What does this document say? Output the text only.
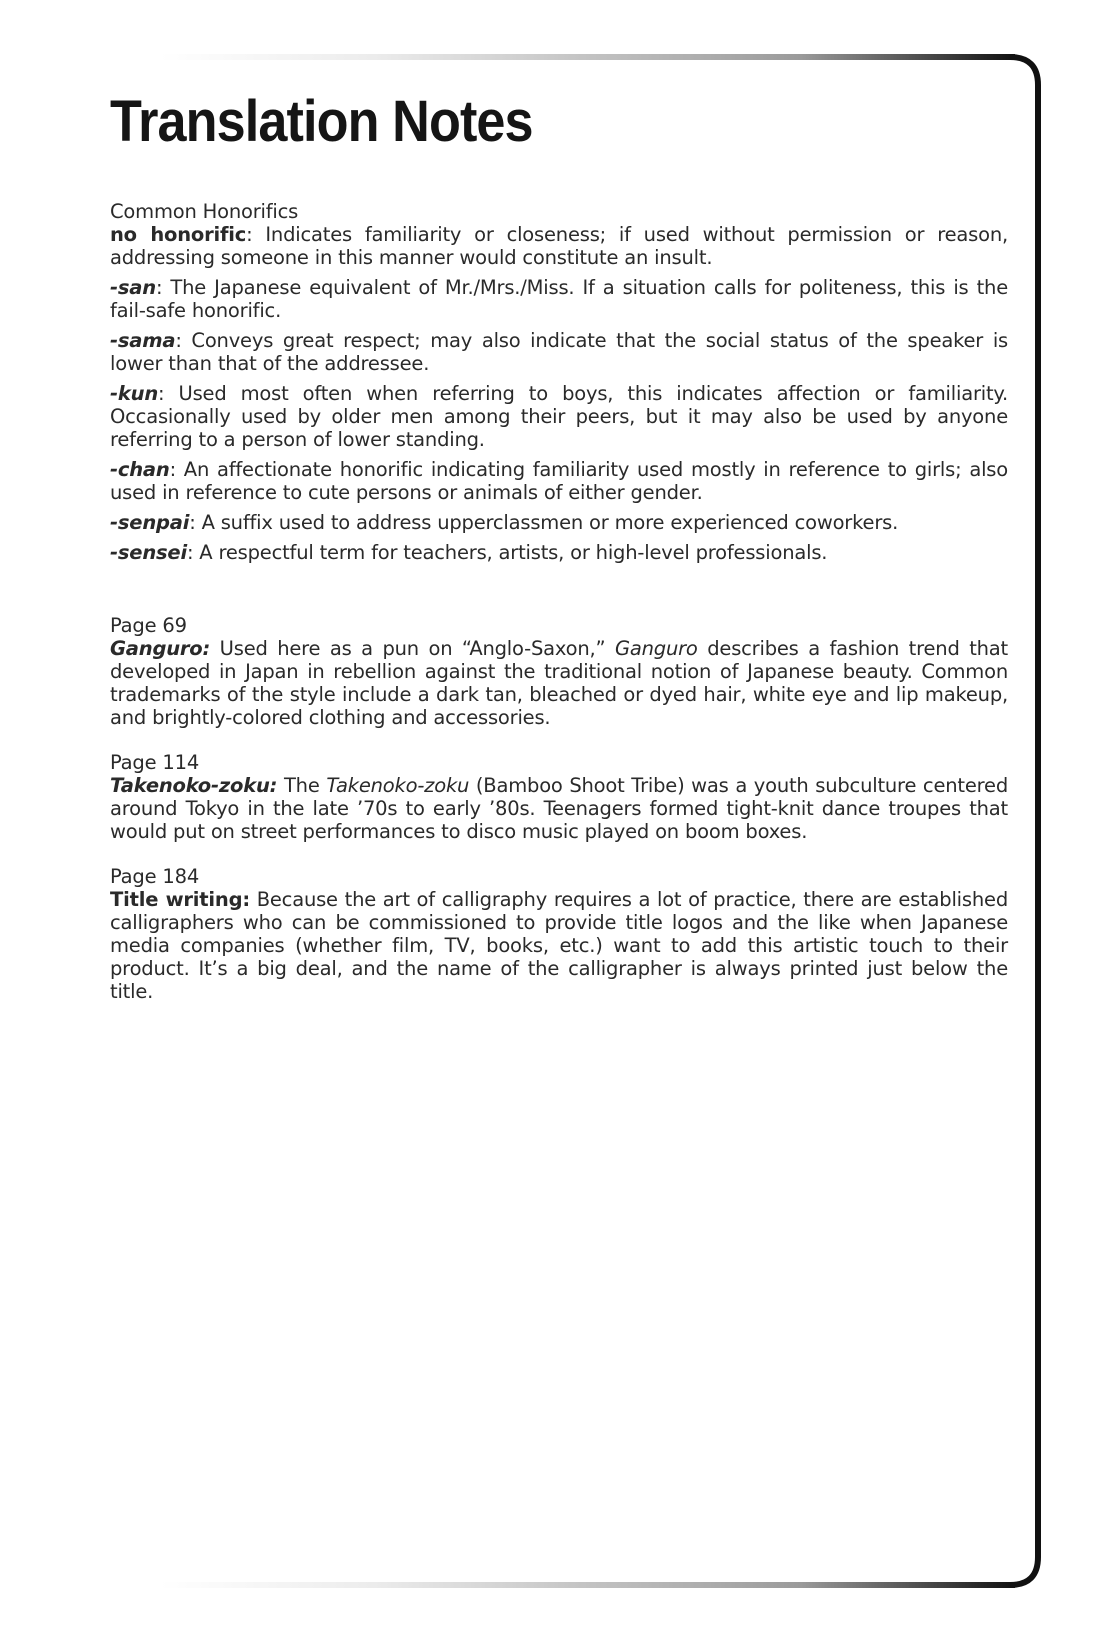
Translation Notes
Common Honorifics

no honorific: Indicates familiarity or closeness; if used without permission or reason, addressing someone in this manner would constitute an insult.

-san: The Japanese equivalent of Mr./Mrs./Miss. If a situation calls for politeness, this is the fail-safe honorific.

-sama: Conveys great respect; may also indicate that the social status of the speaker is lower than that of the addressee.

-kun: Used most often when referring to boys, this indicates affection or familiarity. Occasionally used by older men among their peers, but it may also be used by anyone referring to a person of lower standing.

-chan: An affectionate honorific indicating familiarity used mostly in reference to girls; also used in reference to cute persons or animals of either gender.

-senpai: A suffix used to address upperclassmen or more experienced coworkers.

-sensei: A respectful term for teachers, artists, or high-level professionals.

Page 69

Ganguro: Used here as a pun on “Anglo-Saxon,” Ganguro describes a fashion trend that developed in Japan in rebellion against the traditional notion of Japanese beauty. Common trademarks of the style include a dark tan, bleached or dyed hair, white eye and lip makeup, and brightly-colored clothing and accessories.

Page 114

Takenoko-zoku: The Takenoko-zoku (Bamboo Shoot Tribe) was a youth subculture centered around Tokyo in the late ’70s to early ’80s. Teenagers formed tight-knit dance troupes that would put on street performances to disco music played on boom boxes.

Page 184

Title writing: Because the art of calligraphy requires a lot of practice, there are established calligraphers who can be commissioned to provide title logos and the like when Japanese media companies (whether film, TV, books, etc.) want to add this artistic touch to their product. It’s a big deal, and the name of the calligrapher is always printed just below the title.
